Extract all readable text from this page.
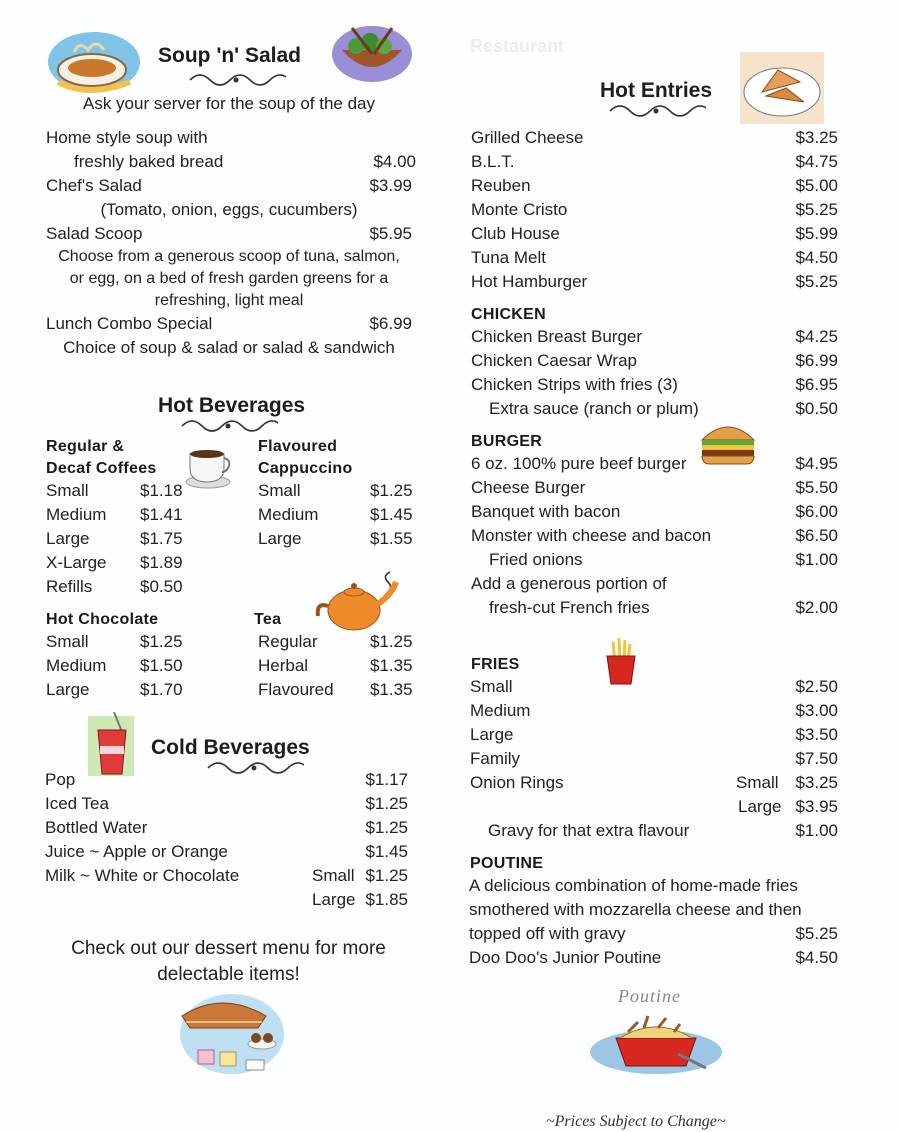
Restaurant
Soup 'n' Salad
Ask your server for the soup of the day
Home style soup with
freshly baked bread	$4.00
Chef's Salad	$3.99
(Tomato, onion, eggs, cucumbers)
Salad Scoop	$5.95
Choose from a generous scoop of tuna, salmon,
or egg, on a bed of fresh garden greens for a
refreshing, light meal
Lunch Combo Special	$6.99
Choice of soup & salad or salad & sandwich
Hot Beverages
Regular &
Decaf Coffees
Flavoured
Cappuccino
Small	$1.18
Medium $1.41
Large	$1.75
X-Large $1.89
Refills	$0.50
Small	$1.25
Medium	$1.45
Large	$1.55
Hot Chocolate	Tea
Small	$1.25
Medium $1.50
Large	$1.70
Regular	$1.25
Herbal	$1.35
Flavoured $1.35
Cold Beverages
Pop	$1.17
Iced Tea	$1.25
Bottled Water	$1.25
Juice ~ Apple or Orange	$1.45
Milk ~ White or Chocolate	Small $1.25
Large $1.85
Check out our dessert menu for more
delectable items!
Hot Entries
Grilled Cheese	$3.25
B.L.T.	$4.75
Reuben	$5.00
Monte Cristo	$5.25
Club House	$5.99
Tuna Melt	$4.50
Hot Hamburger	$5.25
CHICKEN
Chicken Breast Burger	$4.25
Chicken Caesar Wrap	$6.99
Chicken Strips with fries (3)	$6.95
Extra sauce (ranch or plum)	$0.50
BURGER
6 oz. 100% pure beef burger	$4.95
Cheese Burger	$5.50
Banquet with bacon	$6.00
Monster with cheese and bacon	$6.50
Fried onions	$1.00
Add a generous portion of
fresh-cut French fries	$2.00
FRIES
Small	$2.50
Medium	$3.00
Large	$3.50
Family	$7.50
Onion Rings	Small $3.25
Large $3.95
Gravy for that extra flavour	$1.00
POUTINE
A delicious combination of home-made fries
smothered with mozzarella cheese and then
topped off with gravy	$5.25
Doo Doo's Junior Poutine	$4.50
Poutine
~Prices Subject to Change~
